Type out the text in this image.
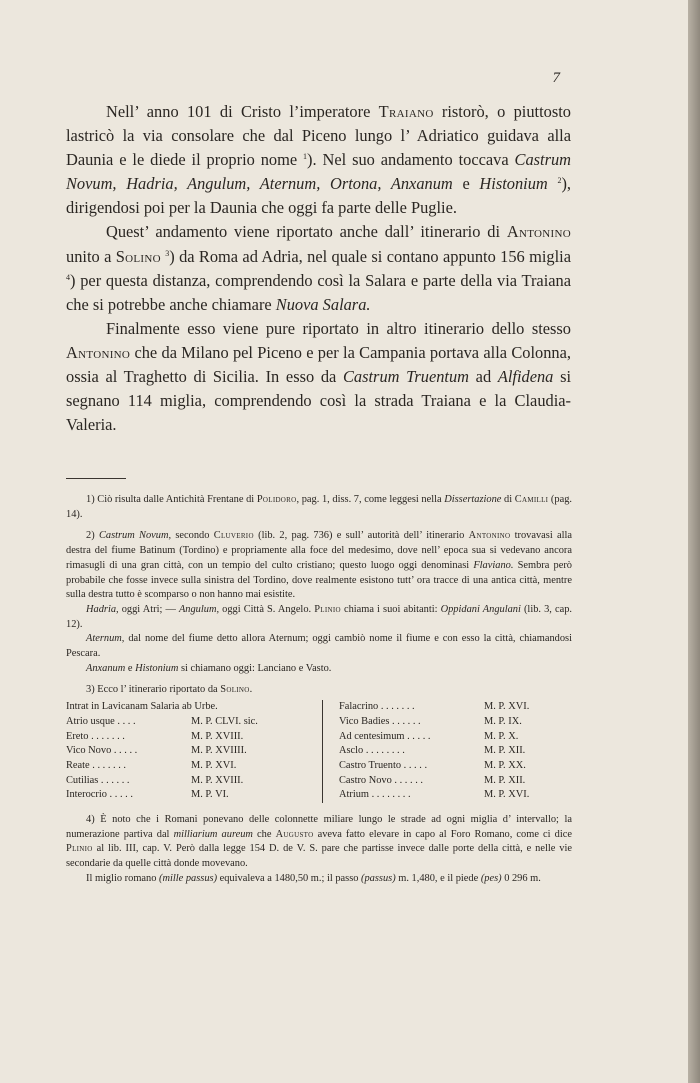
7

Nell’ anno 101 di Cristo l’imperatore Traiano ristorò, o piuttosto lastricò la via consolare che dal Piceno lungo l’ Adriatico guidava alla Daunia e le diede il proprio nome $^1$). Nel suo andamento toccava Castrum Novum, Hadria, Angulum, Aternum, Ortona, Anxanum e Histonium $^2$), dirigendosi poi per la Daunia che oggi fa parte delle Puglie.

Quest’ andamento viene riportato anche dall’ itinerario di Antonino unito a Solino $^3$) da Roma ad Adria, nel quale si contano appunto 156 miglia $^4$) per questa distanza, comprendendo così la Salara e parte della via Traiana che si potrebbe anche chiamare Nuova Salara.

Finalmente esso viene pure riportato in altro itinerario dello stesso Antonino che da Milano pel Piceno e per la Campania portava alla Colonna, ossia al Traghetto di Sicilia. In esso da Castrum Truentum ad Alfidena si segnano 114 miglia, comprendendo così la strada Traiana e la Claudia-Valeria.

1) Ciò risulta dalle Antichità Frentane di Polidoro, pag. 1, diss. 7, come leggesi nella Dissertazione di Camilli (pag. 14).

2) Castrum Novum, secondo Cluverio (lib. 2, pag. 736) e sull’ autorità dell’ itinerario Antonino trovavasi alla destra del fiume Batinum (Tordino) e propriamente alla foce del medesimo, dove nell’ epoca sua si vedevano ancora rimasugli di una gran città, con un tempio del culto cristiano; questo luogo oggi denominasi Flaviano. Sembra però probabile che fosse invece sulla sinistra del Tordino, dove realmente esistono tutt’ ora tracce di una antica città, mentre sulla destra tutto è scomparso o non hanno mai esistite.
Hadria, oggi Atri; — Angulum, oggi Città S. Angelo. Plinio chiama i suoi abitanti: Oppidani Angulani (lib. 3, cap. 12).
Aternum, dal nome del fiume detto allora Aternum; oggi cambiò nome il fiume e con esso la città, chiamandosi Pescara.
Anxanum e Histonium si chiamano oggi: Lanciano e Vasto.

3) Ecco l’ itinerario riportato da Solino.

Intrat in Lavicanam Salaria ab Urbe.
Atrio usque . . . .	M. P. CLVI. sic.
Ereto . . . . . . .	M. P. XVIII.
Vico Novo . . . . .	M. P. XVIIII.
Reate . . . . . . .	M. P. XVI.
Cutilias . . . . . .	M. P. XVIII.
Interocrio . . . . .	M. P. VI.
Falacrino . . . . . . .	M. P. XVI.
Vico Badies . . . . . .	M. P. IX.
Ad centesimum . . . . .	M. P. X.
Asclo . . . . . . . .	M. P. XII.
Castro Truento . . . . .	M. P. XX.
Castro Novo . . . . . .	M. P. XII.
Atrium . . . . . . . .	M. P. XVI.
4) È noto che i Romani ponevano delle colonnette miliare lungo le strade ad ogni miglia d’ intervallo; la numerazione partiva dal milliarium aureum che Augusto aveva fatto elevare in capo al Foro Romano, come ci dice Plinio al lib. III, cap. V. Però dalla legge 154 D. de V. S. pare che partisse invece dalle porte della città, e nelle vie secondarie da quelle città donde movevano.
Il miglio romano (mille passus) equivaleva a 1480,50 m.; il passo (passus) m. 1,480, e il piede (pes) 0 296 m.
